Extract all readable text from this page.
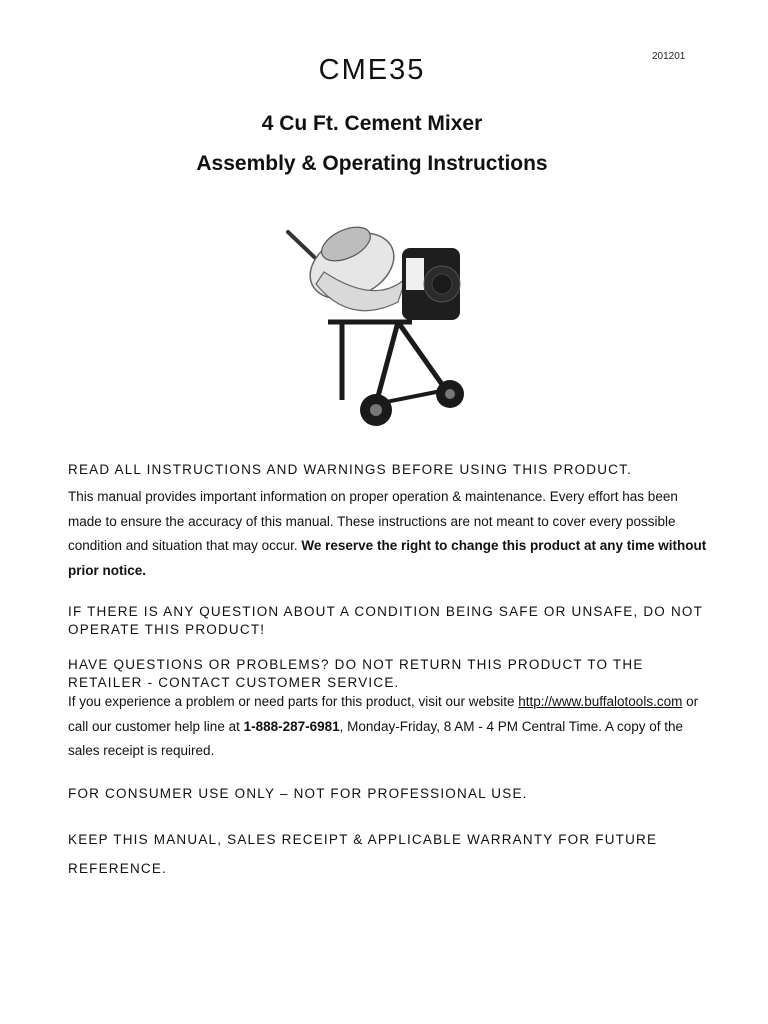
201201
CME35
4 Cu Ft. Cement Mixer
Assembly & Operating Instructions
READ ALL INSTRUCTIONS AND WARNINGS BEFORE USING THIS PRODUCT.
This manual provides important information on proper operation & maintenance. Every effort has been made to ensure the accuracy of this manual. These instructions are not meant to cover every possible condition and situation that may occur. We reserve the right to change this product at any time without prior notice.
IF THERE IS ANY QUESTION ABOUT A CONDITION BEING SAFE OR UNSAFE, DO NOT OPERATE THIS PRODUCT!
HAVE QUESTIONS OR PROBLEMS? DO NOT RETURN THIS PRODUCT TO THE RETAILER - CONTACT CUSTOMER SERVICE.
If you experience a problem or need parts for this product, visit our website http://www.buffalotools.com or call our customer help line at 1-888-287-6981, Monday-Friday, 8 AM - 4 PM Central Time. A copy of the sales receipt is required.
FOR CONSUMER USE ONLY – NOT FOR PROFESSIONAL USE.
KEEP THIS MANUAL, SALES RECEIPT & APPLICABLE WARRANTY FOR FUTURE REFERENCE.
